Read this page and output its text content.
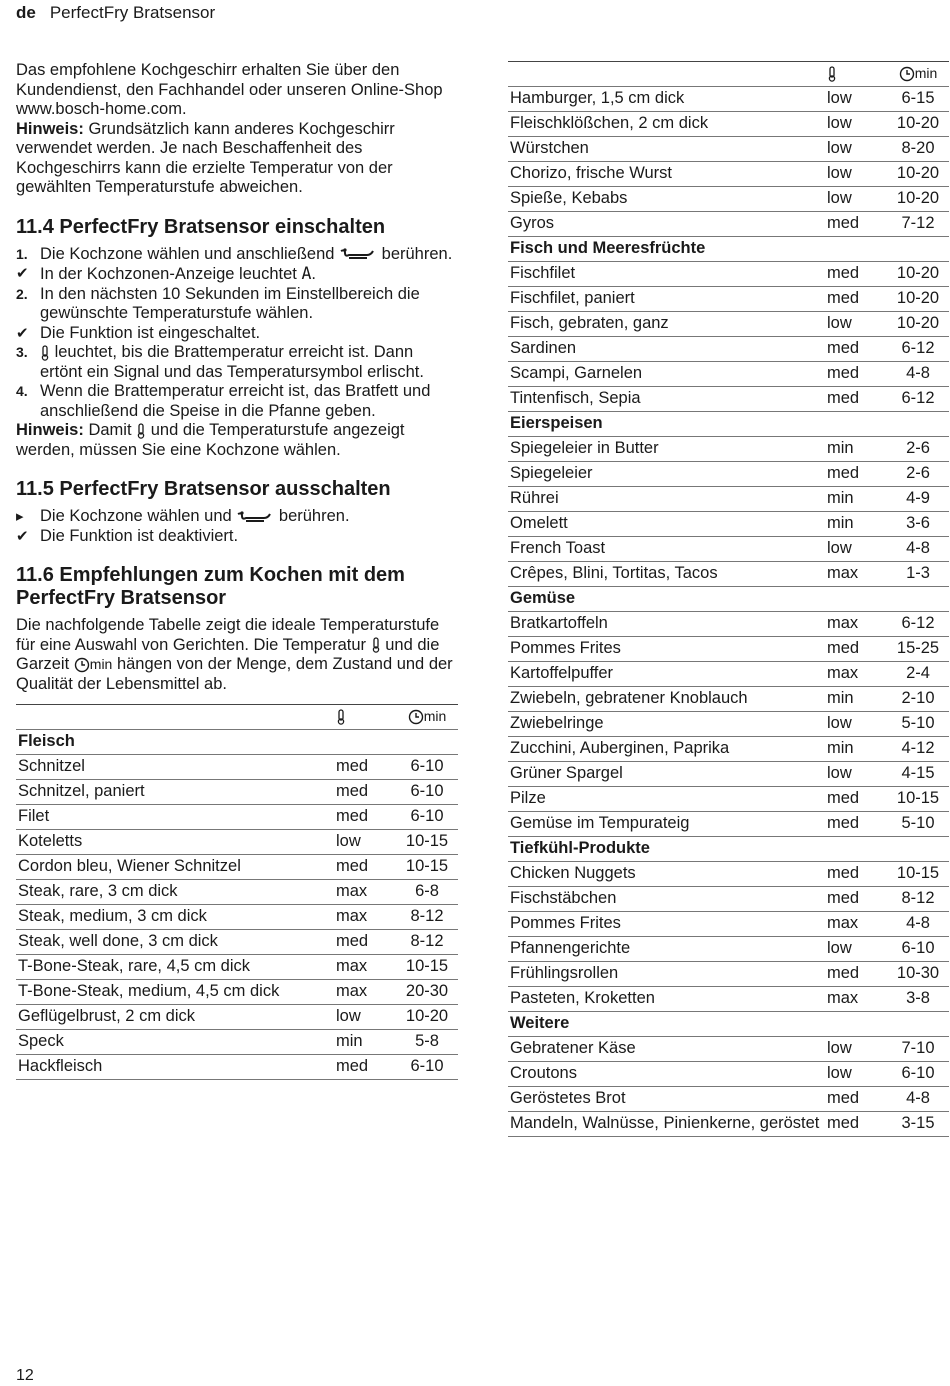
de PerfectFry Bratsensor

Das empfohlene Kochgeschirr erhalten Sie über den Kundendienst, den Fachhandel oder unseren Online-Shop www.bosch-home.com.

Hinweis: Grundsätzlich kann anderes Kochgeschirr verwendet werden. Je nach Beschaffenheit des Kochgeschirrs kann die erzielte Temperatur von der gewählten Temperaturstufe abweichen.

11.4 PerfectFry Bratsensor einschalten
1. Die Kochzone wählen und anschließend	berühren.
✔ In der Kochzonen-Anzeige leuchtet A.
2. In den nächsten 10 Sekunden im Einstellbereich die gewünschte Temperaturstufe wählen.
✔ Die Funktion ist eingeschaltet.
3.	leuchtet, bis die Brattemperatur erreicht ist. Dann ertönt ein Signal und das Temperatursymbol erlischt.
4. Wenn die Brattemperatur erreicht ist, das Bratfett und anschließend die Speise in die Pfanne geben.

Hinweis: Damit und die Temperaturstufe angezeigt werden, müssen Sie eine Kochzone wählen.

11.5 PerfectFry Bratsensor ausschalten
▸ Die Kochzone wählen und	berühren.
✔ Die Funktion ist deaktiviert.
11.6 Empfehlungen zum Kochen mit dem PerfectFry Bratsensor

Die nachfolgende Tabelle zeigt die ideale Temperaturstufe für eine Auswahl von Gerichten. Die Temperatur und die Garzeit min hängen von der Menge, dem Zustand und der Qualität der Lebensmittel ab.

		min
Fleisch		
Schnitzel	med	6-10
Schnitzel, paniert	med	6-10
Filet	med	6-10
Koteletts	low	10-15
Cordon bleu, Wiener Schnitzel	med	10-15
Steak, rare, 3 cm dick	max	6-8
Steak, medium, 3 cm dick	max	8-12
Steak, well done, 3 cm dick	med	8-12
T-Bone-Steak, rare, 4,5 cm dick	max	10-15
T-Bone-Steak, medium, 4,5 cm dick	max	20-30
Geflügelbrust, 2 cm dick	low	10-20
Speck	min	5-8
Hackfleisch	med	6-10
		min
Hamburger, 1,5 cm dick	low	6-15
Fleischklößchen, 2 cm dick	low	10-20
Würstchen	low	8-20
Chorizo, frische Wurst	low	10-20
Spieße, Kebabs	low	10-20
Gyros	med	7-12
Fisch und Meeresfrüchte		
Fischfilet	med	10-20
Fischfilet, paniert	med	10-20
Fisch, gebraten, ganz	low	10-20
Sardinen	med	6-12
Scampi, Garnelen	med	4-8
Tintenfisch, Sepia	med	6-12
Eierspeisen		
Spiegeleier in Butter	min	2-6
Spiegeleier	med	2-6
Rührei	min	4-9
Omelett	min	3-6
French Toast	low	4-8
Crêpes, Blini, Tortitas, Tacos	max	1-3
Gemüse		
Bratkartoffeln	max	6-12
Pommes Frites	med	15-25
Kartoffelpuffer	max	2-4
Zwiebeln, gebratener Knoblauch	min	2-10
Zwiebelringe	low	5-10
Zucchini, Auberginen, Paprika	min	4-12
Grüner Spargel	low	4-15
Pilze	med	10-15
Gemüse im Tempurateig	med	5-10
Tiefkühl-Produkte		
Chicken Nuggets	med	10-15
Fischstäbchen	med	8-12
Pommes Frites	max	4-8
Pfannengerichte	low	6-10
Frühlingsrollen	med	10-30
Pasteten, Kroketten	max	3-8
Weitere		
Gebratener Käse	low	7-10
Croutons	low	6-10
Geröstetes Brot	med	4-8
Mandeln, Walnüsse, Pinienkerne, geröstet	med	3-15
12
